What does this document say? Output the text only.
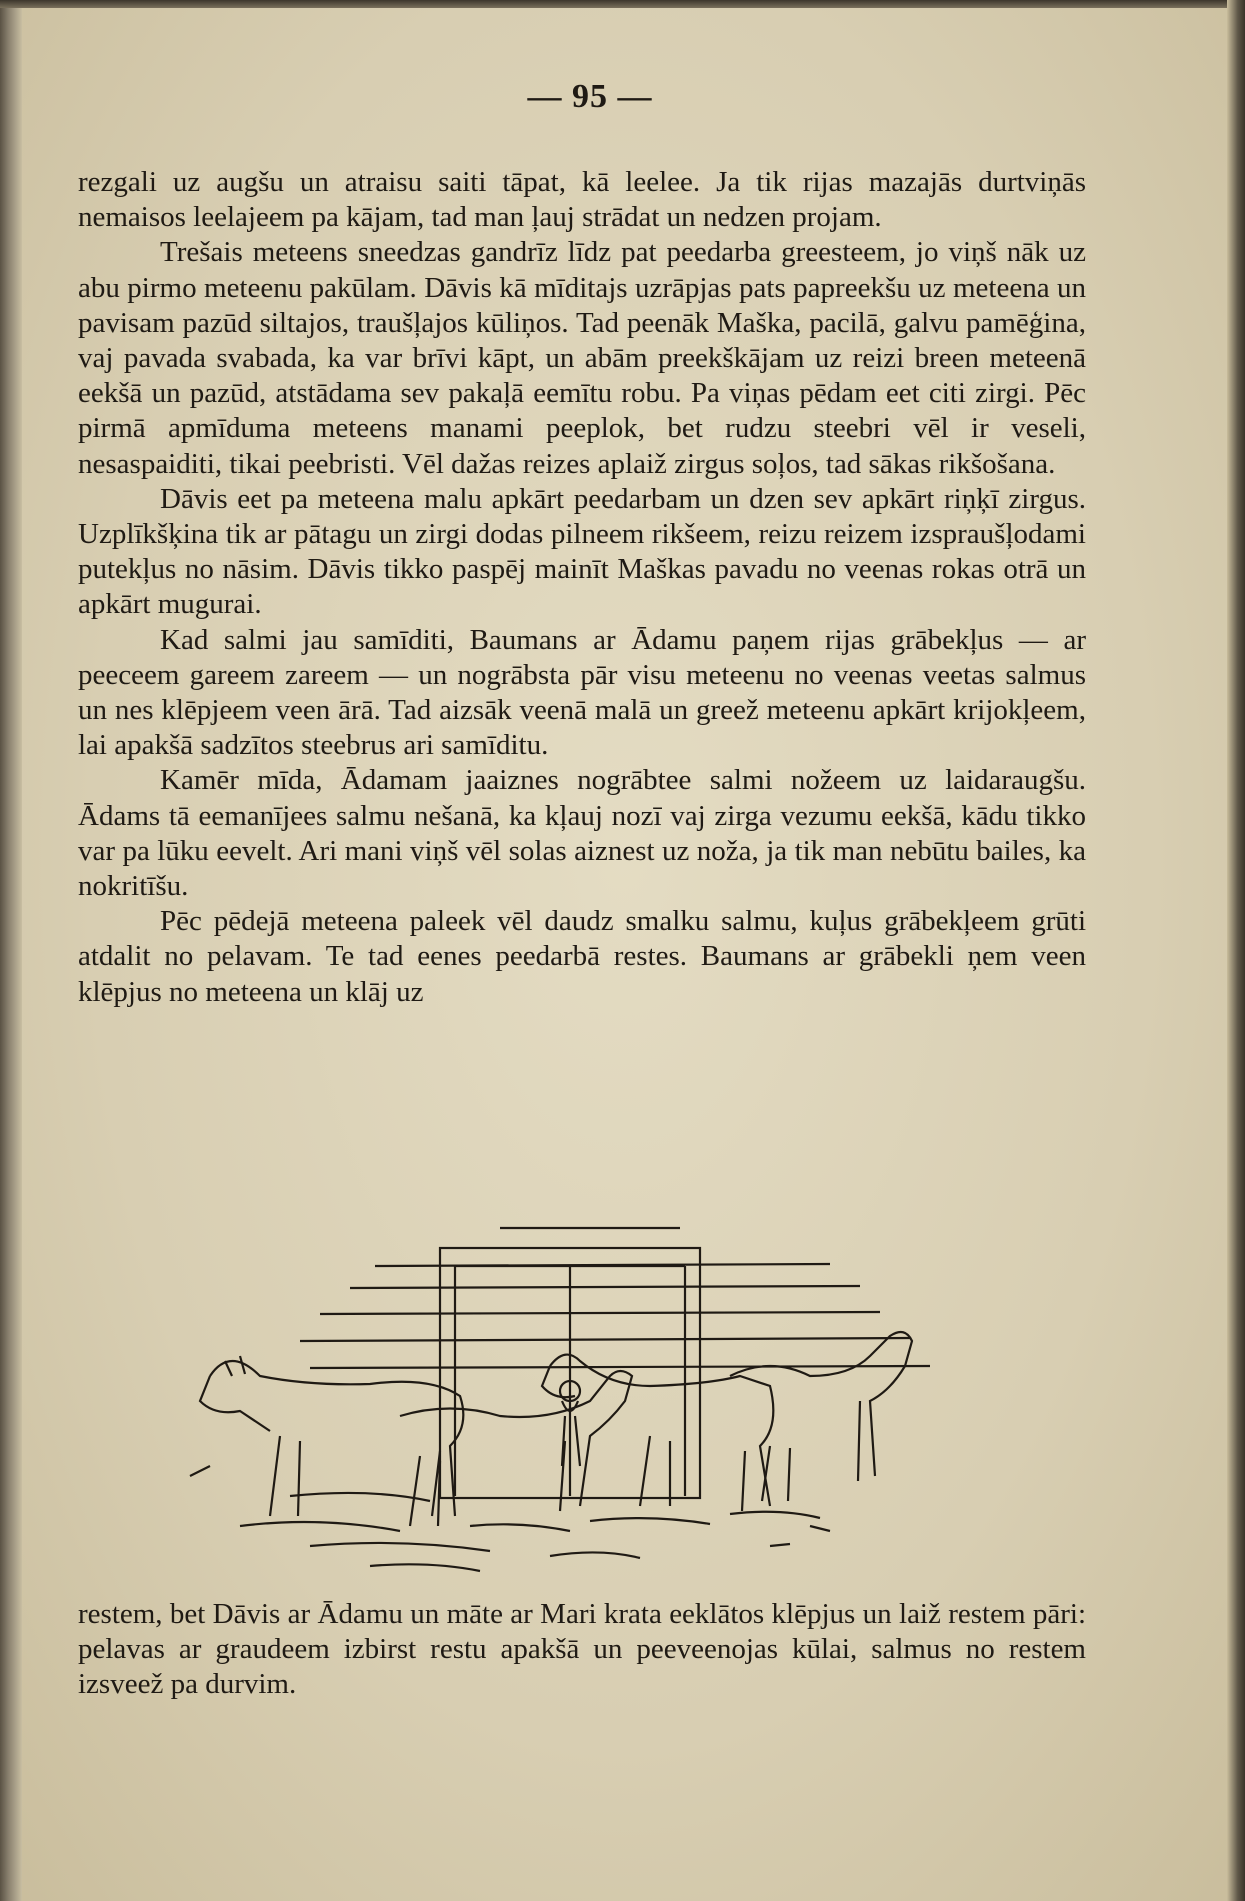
— 95 —

rezgali uz augšu un atraisu saiti tāpat, kā leelee. Ja tik rijas mazajās durtviņās nemaisos leelajeem pa kājam, tad man ļauj strādat un nedzen projam.

Trešais meteens sneedzas gandrīz līdz pat peedarba greesteem, jo viņš nāk uz abu pirmo meteenu pakūlam. Dāvis kā mīditajs uzrāpjas pats papreekšu uz meteena un pavisam pazūd siltajos, traušļajos kūliņos. Tad peenāk Maška, pacilā, galvu pamēģina, vaj pavada svabada, ka var brīvi kāpt, un abām preekškājam uz reizi breen meteenā eekšā un pazūd, atstādama sev pakaļā eemītu robu. Pa viņas pēdam eet citi zirgi. Pēc pirmā apmīduma meteens manami peeplok, bet rudzu steebri vēl ir veseli, nesaspaiditi, tikai peebristi. Vēl dažas reizes aplaiž zirgus soļos, tad sākas rikšošana.

Dāvis eet pa meteena malu apkārt peedarbam un dzen sev apkārt riņķī zirgus. Uzplīkšķina tik ar pātagu un zirgi dodas pilneem rikšeem, reizu reizem izspraušļodami putekļus no nāsim. Dāvis tikko paspēj mainīt Maškas pavadu no veenas rokas otrā un apkārt mugurai.

Kad salmi jau samīditi, Baumans ar Ādamu paņem rijas grābekļus — ar peeceem gareem zareem — un nogrābsta pār visu meteenu no veenas veetas salmus un nes klēpjeem veen ārā. Tad aizsāk veenā malā un greež meteenu apkārt krijokļeem, lai apakšā sadzītos steebrus ari samīditu.

Kamēr mīda, Ādamam jaaiznes nogrābtee salmi nožeem uz laidaraugšu. Ādams tā eemanījees salmu nešanā, ka kļauj nozī vaj zirga vezumu eekšā, kādu tikko var pa lūku eevelt. Ari mani viņš vēl solas aiznest uz noža, ja tik man nebūtu bailes, ka nokritīšu.

Pēc pēdejā meteena paleek vēl daudz smalku salmu, kuļus grābekļeem grūti atdalit no pelavam. Te tad eenes peedarbā restes. Baumans ar grābekli ņem veen klēpjus no meteena un klāj uz

restem, bet Dāvis ar Ādamu un māte ar Mari krata eeklātos klēpjus un laiž restem pāri: pelavas ar graudeem izbirst restu apakšā un peeveenojas kūlai, salmus no restem izsveež pa durvim.
